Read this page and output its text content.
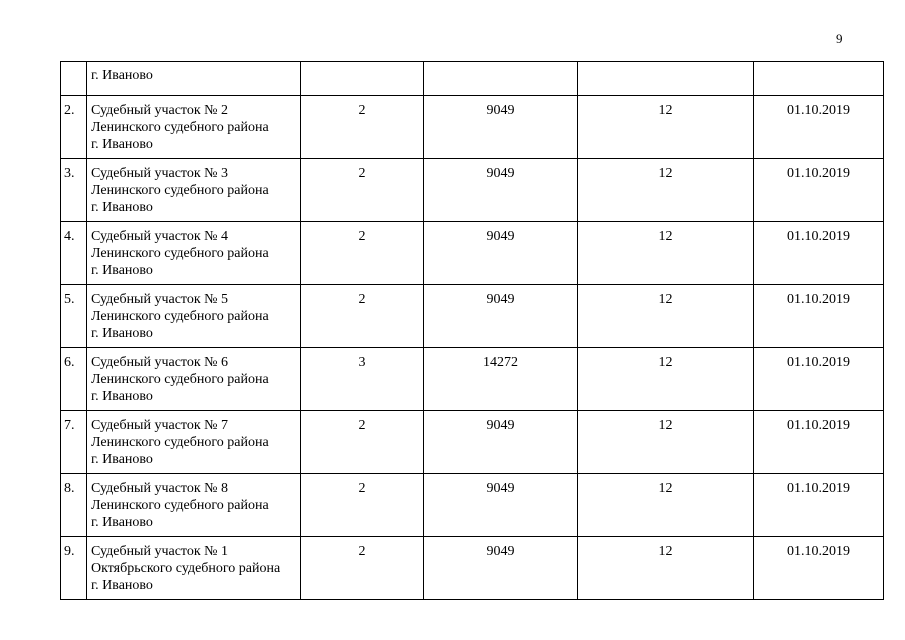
9

	г. Иваново				

2.	Судебный участок № 2
Ленинского судебного района
г. Иваново	2	9049	12	01.10.2019
3.	Судебный участок № 3
Ленинского судебного района
г. Иваново	2	9049	12	01.10.2019
4.	Судебный участок № 4
Ленинского судебного района
г. Иваново	2	9049	12	01.10.2019
5.	Судебный участок № 5
Ленинского судебного района
г. Иваново	2	9049	12	01.10.2019
6.	Судебный участок № 6
Ленинского судебного района
г. Иваново	3	14272	12	01.10.2019
7.	Судебный участок № 7
Ленинского судебного района
г. Иваново	2	9049	12	01.10.2019
8.	Судебный участок № 8
Ленинского судебного района
г. Иваново	2	9049	12	01.10.2019
9.	Судебный участок № 1
Октябрьского судебного района
г. Иваново	2	9049	12	01.10.2019
